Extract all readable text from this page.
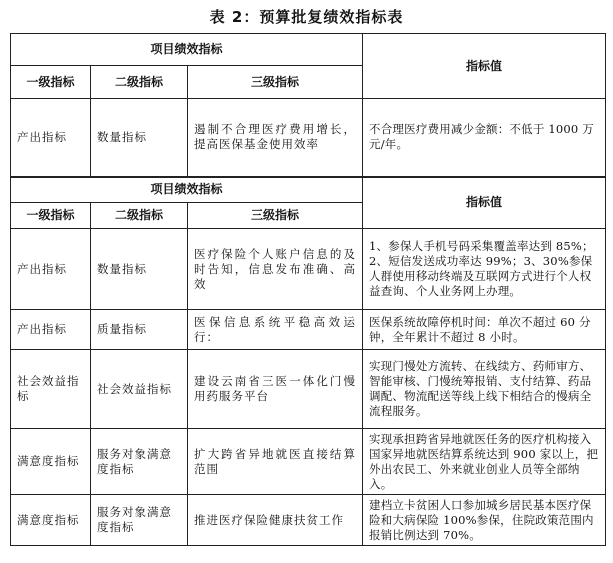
表 2：预算批复绩效指标表
项目绩效指标			指标值
一级指标	二级指标	三级指标	
产出指标	数量指标	遏制不合理医疗费用增长，提高医保基金使用效率	不合理医疗费用减少金额：不低于 1000 万元/年。
项目绩效指标			指标值
一级指标	二级指标	三级指标	
产出指标	数量指标	医疗保险个人账户信息的及时告知，信息发布准确、高效	1、参保人手机号码采集覆盖率达到 85%；2、短信发送成功率达 99%；3、30%参保人群使用移动终端及互联网方式进行个人权益查询、个人业务网上办理。
产出指标	质量指标	医保信息系统平稳高效运行：	医保系统故障停机时间：单次不超过 60 分钟，全年累计不超过 8 小时。
社会效益指标	社会效益指标	建设云南省三医一体化门慢用药服务平台	实现门慢处方流转、在线续方、药师审方、智能审核、门慢统筹报销、支付结算、药品调配、物流配送等线上线下相结合的慢病全流程服务。
满意度指标	服务对象满意度指标	扩大跨省异地就医直接结算范围	实现承担跨省异地就医任务的医疗机构接入国家异地就医结算系统达到 900 家以上，把外出农民工、外来就业创业人员等全部纳入。
满意度指标	服务对象满意度指标	推进医疗保险健康扶贫工作	建档立卡贫困人口参加城乡居民基本医疗保险和大病保险 100%参保，住院政策范围内报销比例达到 70%。
